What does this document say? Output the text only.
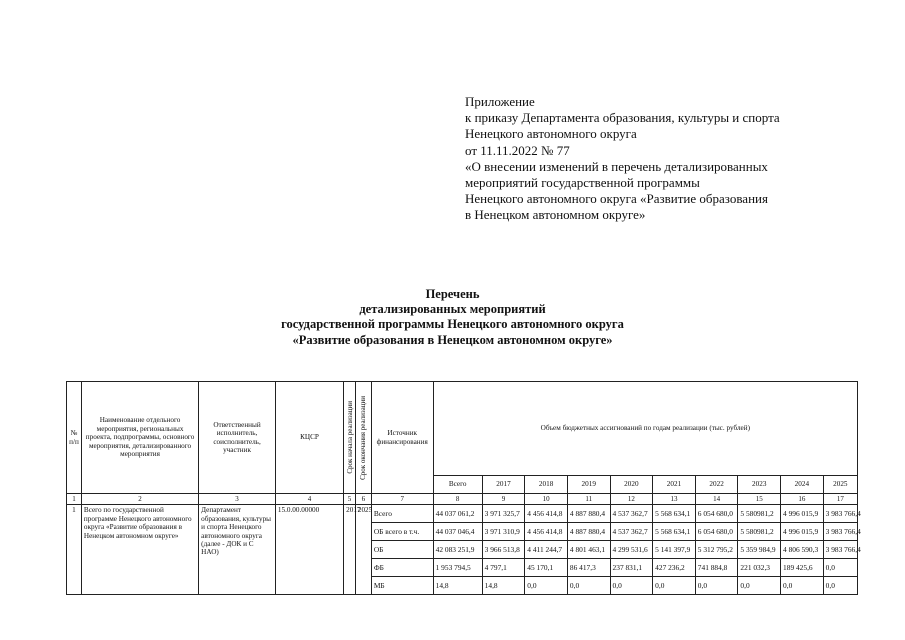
Приложение
к приказу Департамента образования, культуры и спорта
Ненецкого автономного округа
от 11.11.2022 № 77
«О внесении изменений в перечень детализированных
мероприятий государственной программы
Ненецкого автономного округа «Развитие образования
в Ненецком автономном округе»
Перечень
детализированных мероприятий
государственной программы Ненецкого автономного округа
«Развитие образования в Ненецком автономном округе»
№ п/п	Наименование отдельного мероприятия, региональных проекта, подпрограммы, основного мероприятия, детализированного мероприятия	Ответственный исполнитель, соисполнитель, участник	КЦСР	Срок начала реализации	Срок окончания реализации	Источник финансирования	Объем бюджетных ассигнований по годам реализации (тыс. рублей)									
							Всего	2017	2018	2019	2020	2021	2022	2023	2024	2025
1	2	3	4	5	6	7	8	9	10	11	12	13	14	15	16	17
1	Всего по государственной программе Ненецкого автономного округа «Развитие образования в Ненецком автономном округе»	Департамент образования, культуры и спорта Ненецкого автономного округа (далее - ДОК и С НАО)	15.0.00.00000	2017	2025	Всего	44 037 061,2	3 971 325,7	4 456 414,8	4 887 880,4	4 537 362,7	5 568 634,1	6 054 680,0	5 580981,2	4 996 015,9	3 983 766,4
						ОБ всего в т.ч.	44 037 046,4	3 971 310,9	4 456 414,8	4 887 880,4	4 537 362,7	5 568 634,1	6 054 680,0	5 580981,2	4 996 015,9	3 983 766,4
						ОБ	42 083 251,9	3 966 513,8	4 411 244,7	4 801 463,1	4 299 531,6	5 141 397,9	5 312 795,2	5 359 984,9	4 806 590,3	3 983 766,4
						ФБ	1 953 794,5	4 797,1	45 170,1	86 417,3	237 831,1	427 236,2	741 884,8	221 032,3	189 425,6	0,0
						МБ	14,8	14,8	0,0	0,0	0,0	0,0	0,0	0,0	0,0	0,0
